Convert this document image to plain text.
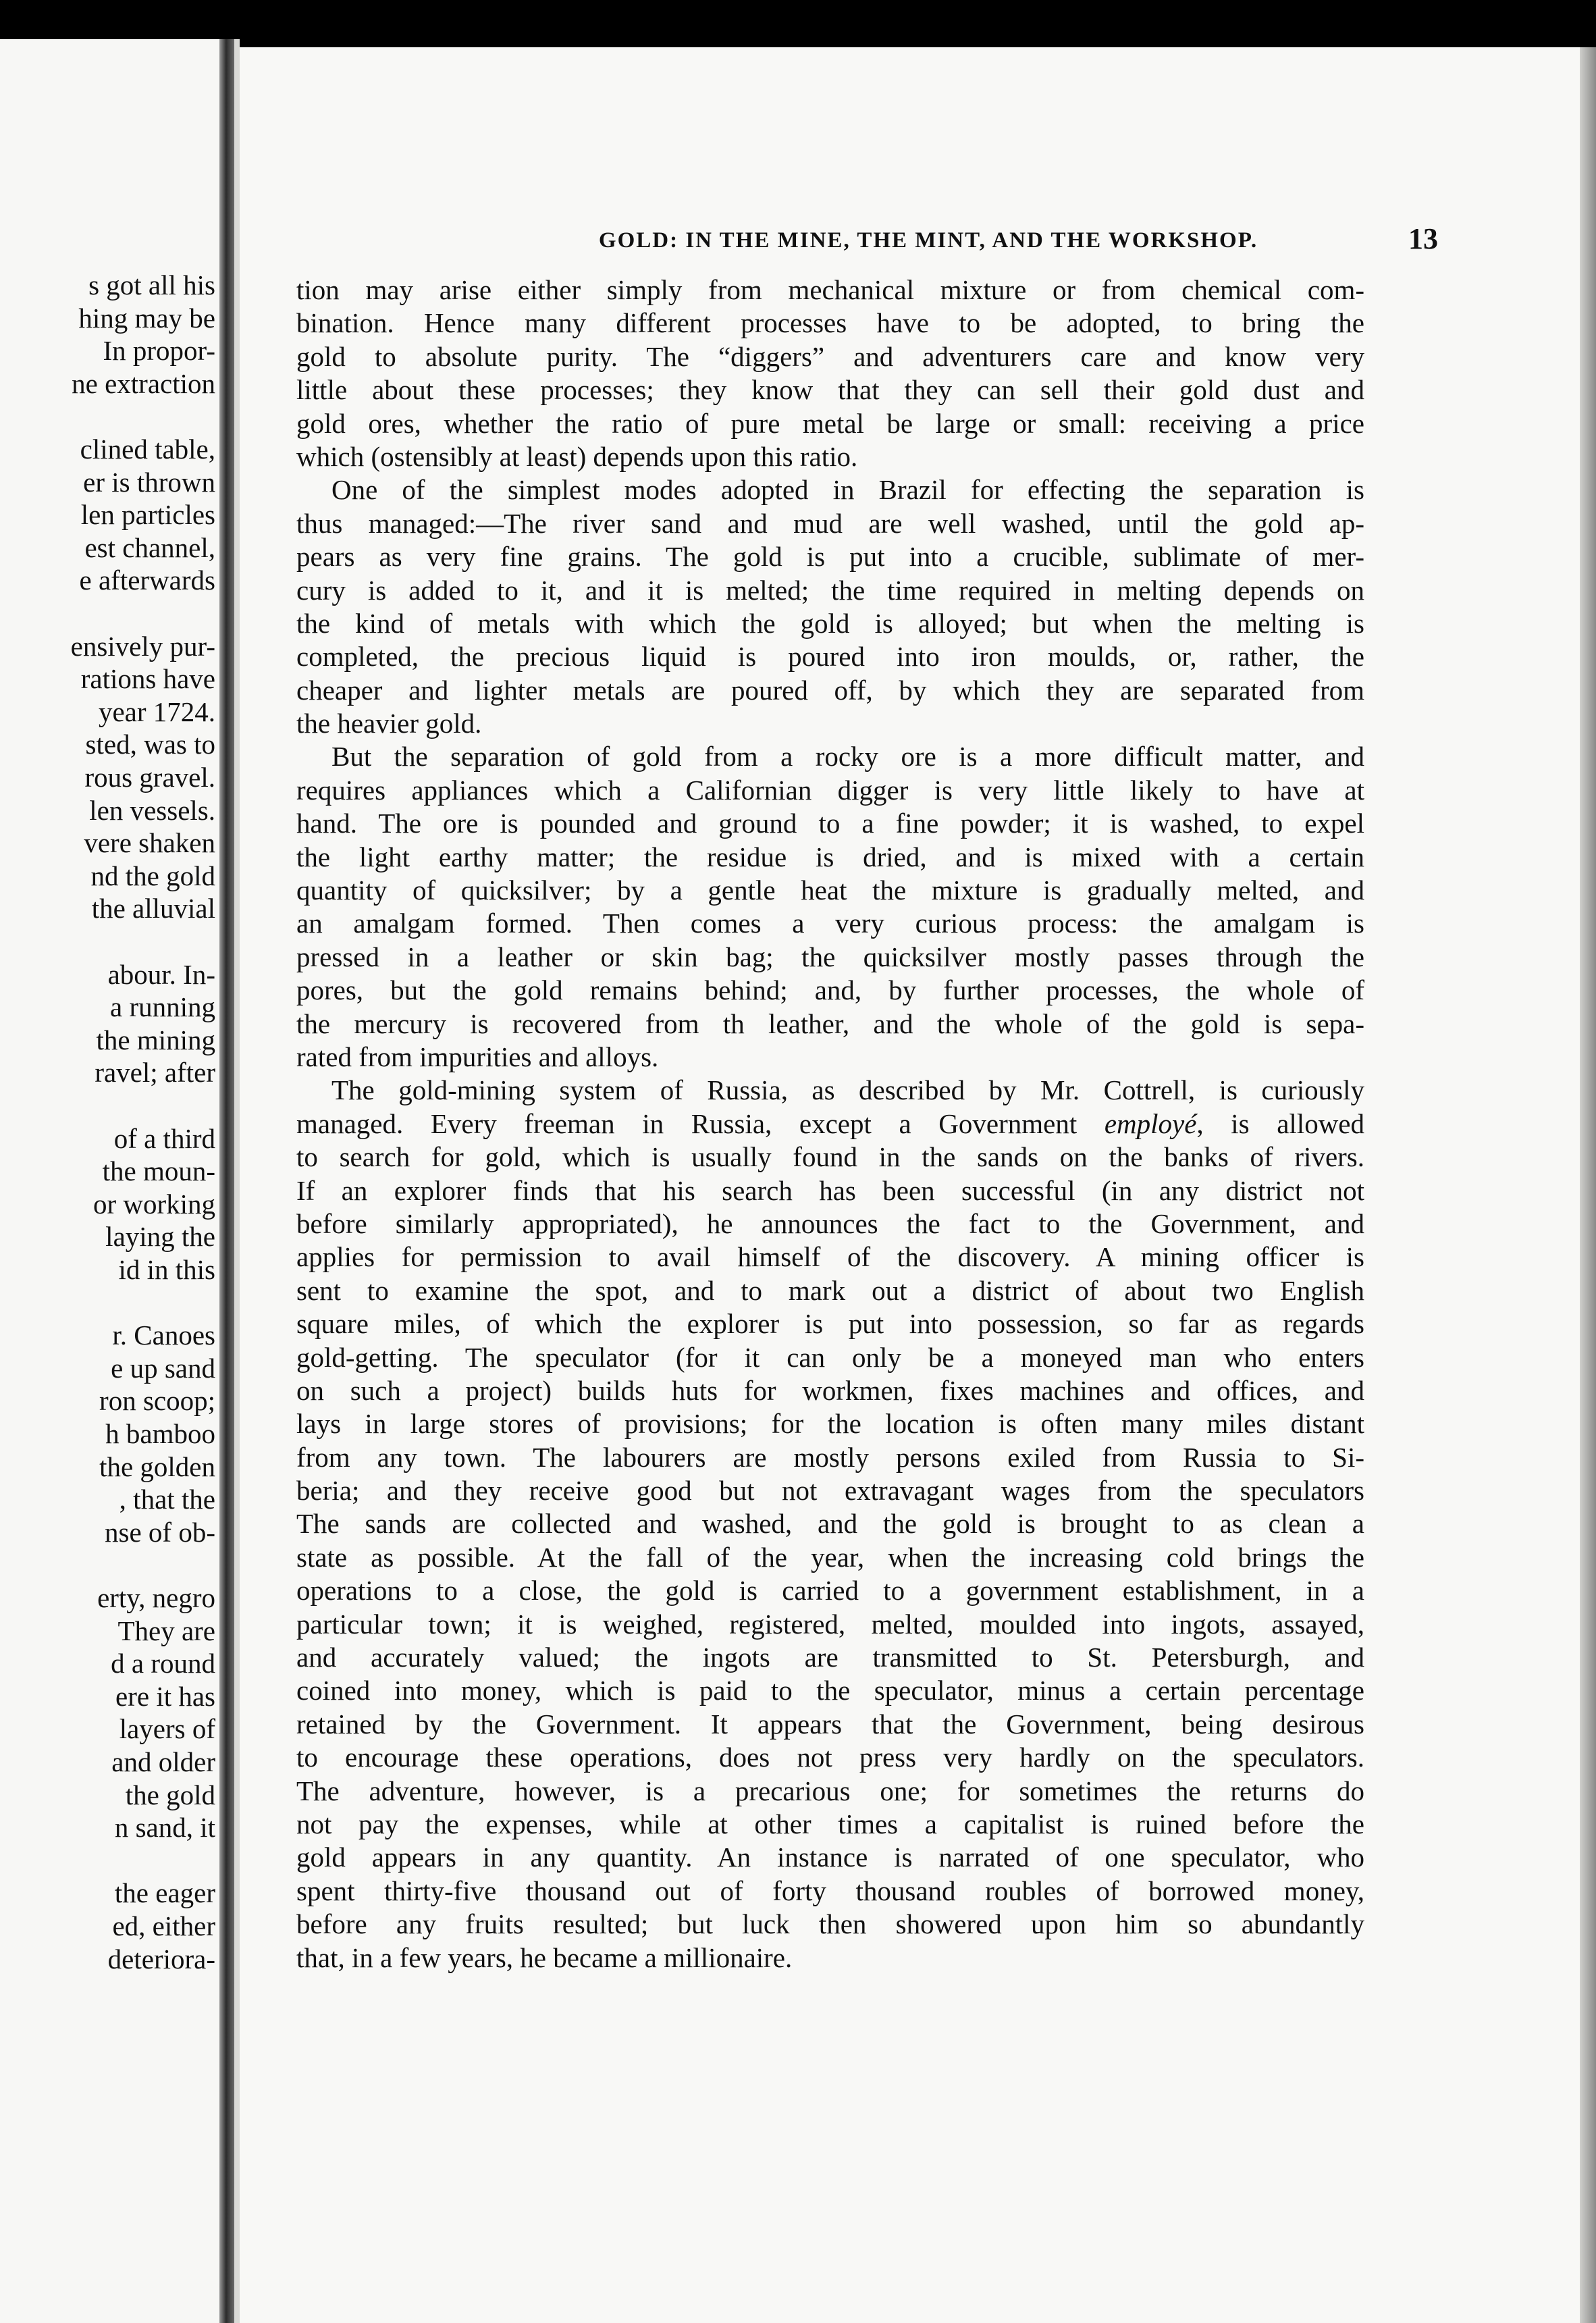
s got all his
hing may be
In propor-
ne extraction
clined table,
er is thrown
len particles
est channel,
e afterwards
ensively pur-
rations have
year 1724.
sted, was to
rous gravel.
len vessels.
vere shaken
nd the gold
the alluvial
abour. In-
a running
the mining
ravel; after
of a third
the moun-
or working
laying the
id in this
r. Canoes
e up sand
ron scoop;
h bamboo
the golden
, that the
nse of ob-
erty, negro
They are
d a round
ere it has
layers of
and older
the gold
n sand, it
the eager
ed, either
deteriora-
GOLD: IN THE MINE, THE MINT, AND THE WORKSHOP.	13
tion may arise either simply from mechanical mixture or from chemical com-
bination. Hence many different processes have to be adopted, to bring the
gold to absolute purity. The “diggers” and adventurers care and know very
little about these processes; they know that they can sell their gold dust and
gold ores, whether the ratio of pure metal be large or small: receiving a price
which (ostensibly at least) depends upon this ratio.
One of the simplest modes adopted in Brazil for effecting the separation is
thus managed:—The river sand and mud are well washed, until the gold ap-
pears as very fine grains. The gold is put into a crucible, sublimate of mer-
cury is added to it, and it is melted; the time required in melting depends on
the kind of metals with which the gold is alloyed; but when the melting is
completed, the precious liquid is poured into iron moulds, or, rather, the
cheaper and lighter metals are poured off, by which they are separated from
the heavier gold.
But the separation of gold from a rocky ore is a more difficult matter, and
requires appliances which a Californian digger is very little likely to have at
hand. The ore is pounded and ground to a fine powder; it is washed, to expel
the light earthy matter; the residue is dried, and is mixed with a certain
quantity of quicksilver; by a gentle heat the mixture is gradually melted, and
an amalgam formed. Then comes a very curious process: the amalgam is
pressed in a leather or skin bag; the quicksilver mostly passes through the
pores, but the gold remains behind; and, by further processes, the whole of
the mercury is recovered from th leather, and the whole of the gold is sepa-
rated from impurities and alloys.
The gold-mining system of Russia, as described by Mr. Cottrell, is curiously
managed. Every freeman in Russia, except a Government employé, is allowed
to search for gold, which is usually found in the sands on the banks of rivers.
If an explorer finds that his search has been successful (in any district not
before similarly appropriated), he announces the fact to the Government, and
applies for permission to avail himself of the discovery. A mining officer is
sent to examine the spot, and to mark out a district of about two English
square miles, of which the explorer is put into possession, so far as regards
gold-getting. The speculator (for it can only be a moneyed man who enters
on such a project) builds huts for workmen, fixes machines and offices, and
lays in large stores of provisions; for the location is often many miles distant
from any town. The labourers are mostly persons exiled from Russia to Si-
beria; and they receive good but not extravagant wages from the speculators
The sands are collected and washed, and the gold is brought to as clean a
state as possible. At the fall of the year, when the increasing cold brings the
operations to a close, the gold is carried to a government establishment, in a
particular town; it is weighed, registered, melted, moulded into ingots, assayed,
and accurately valued; the ingots are transmitted to St. Petersburgh, and
coined into money, which is paid to the speculator, minus a certain percentage
retained by the Government. It appears that the Government, being desirous
to encourage these operations, does not press very hardly on the speculators.
The adventure, however, is a precarious one; for sometimes the returns do
not pay the expenses, while at other times a capitalist is ruined before the
gold appears in any quantity. An instance is narrated of one speculator, who
spent thirty-five thousand out of forty thousand roubles of borrowed money,
before any fruits resulted; but luck then showered upon him so abundantly
that, in a few years, he became a millionaire.
